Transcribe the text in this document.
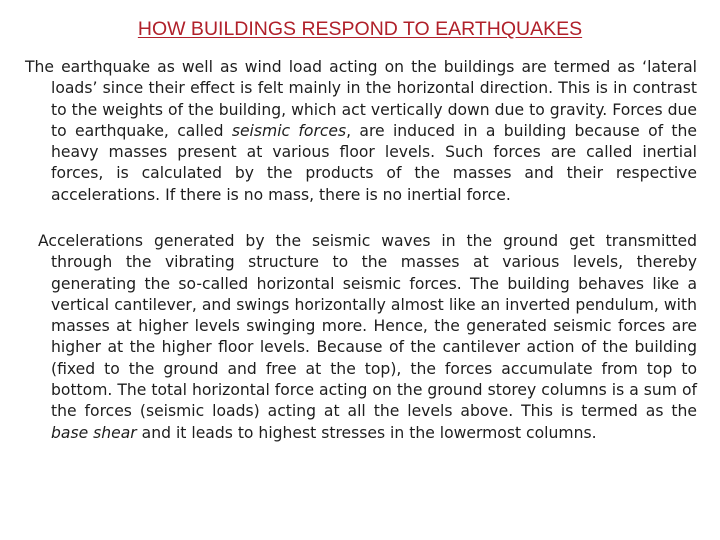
HOW BUILDINGS RESPOND TO EARTHQUAKES

The earthquake as well as wind load acting on the buildings are termed as ‘lateral loads’ since their effect is felt mainly in the horizontal direction. This is in contrast to the weights of the building, which act vertically down due to gravity. Forces due to earthquake, called seismic forces, are induced in a building because of the heavy masses present at various floor levels. Such forces are called inertial forces, is calculated by the products of the masses and their respective accelerations. If there is no mass, there is no inertial force.

Accelerations generated by the seismic waves in the ground get transmitted through the vibrating structure to the masses at various levels, thereby generating the so-called horizontal seismic forces. The building behaves like a vertical cantilever, and swings horizontally almost like an inverted pendulum, with masses at higher levels swinging more. Hence, the generated seismic forces are higher at the higher floor levels. Because of the cantilever action of the building (fixed to the ground and free at the top), the forces accumulate from top to bottom. The total horizontal force acting on the ground storey columns is a sum of the forces (seismic loads) acting at all the levels above. This is termed as the base shear and it leads to highest stresses in the lowermost columns.
